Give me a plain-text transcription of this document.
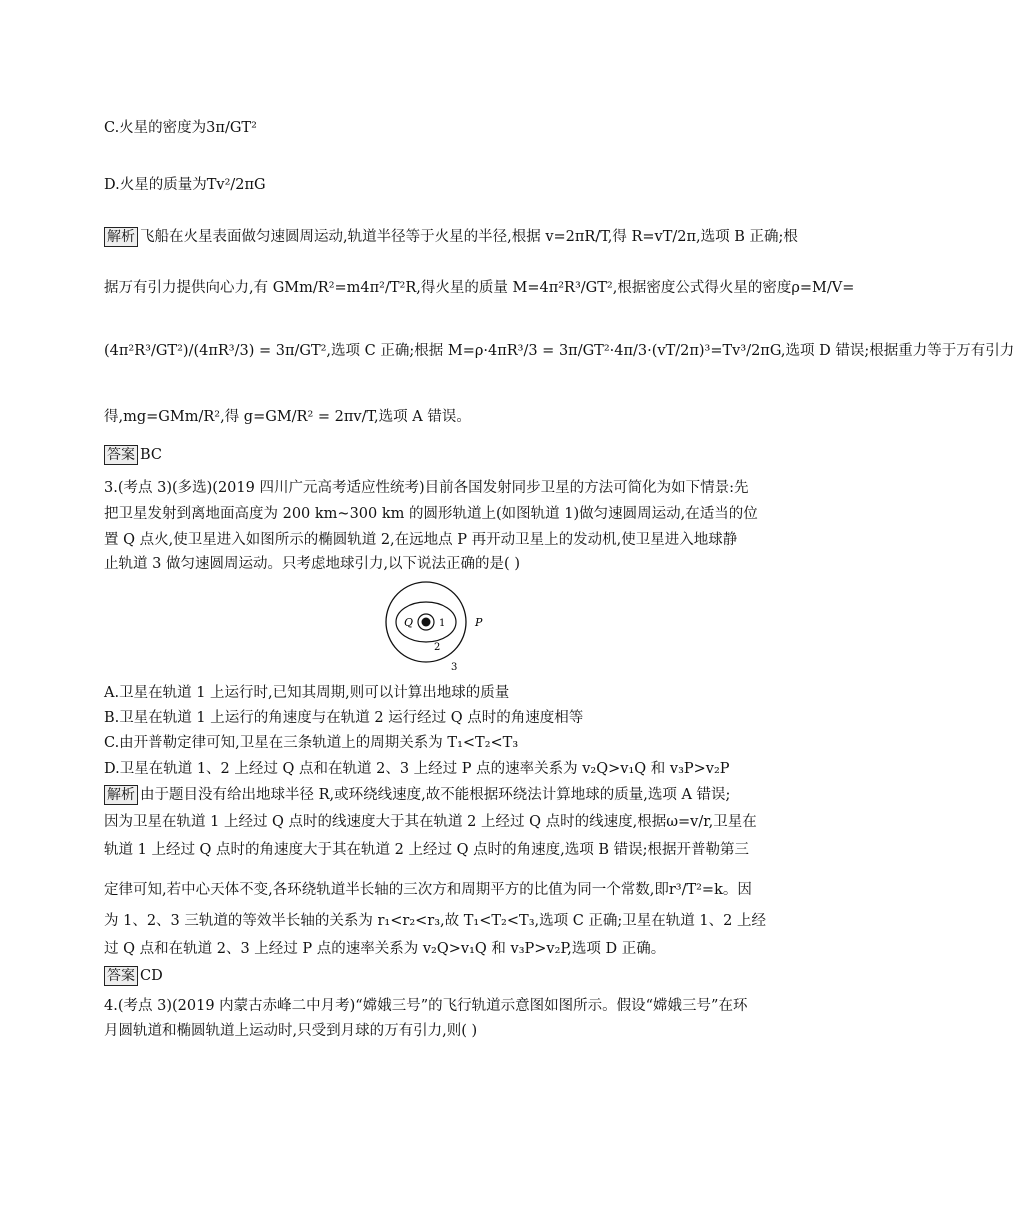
C.火星的密度为3π/GT²
D.火星的质量为Tv²/2πG
解析 飞船在火星表面做匀速圆周运动,轨道半径等于火星的半径,根据 v=2πR/T,得 R=vT/2π,选项 B 正确;根
据万有引力提供向心力,有 GMm/R²=m4π²/T²R,得火星的质量 M=4π²R³/GT²,根据密度公式得火星的密度ρ=M/V=
(4π²R³/GT²)/(4πR³/3) = 3π/GT²,选项 C 正确;根据 M=ρ·4πR³/3 = 3π/GT²·4π/3·(vT/2π)³=Tv³/2πG,选项 D 错误;根据重力等于万有引力
得,mg=GMm/R²,得 g=GM/R² = 2πv/T,选项 A 错误。
答案 BC
3.(考点 3)(多选)(2019 四川广元高考适应性统考)目前各国发射同步卫星的方法可简化为如下情景:先
把卫星发射到离地面高度为 200 km~300 km 的圆形轨道上(如图轨道 1)做匀速圆周运动,在适当的位
置 Q 点火,使卫星进入如图所示的椭圆轨道 2,在远地点 P 再开动卫星上的发动机,使卫星进入地球静
止轨道 3 做匀速圆周运动。只考虑地球引力,以下说法正确的是( )
Q	1	P
2
3
A.卫星在轨道 1 上运行时,已知其周期,则可以计算出地球的质量
B.卫星在轨道 1 上运行的角速度与在轨道 2 运行经过 Q 点时的角速度相等
C.由开普勒定律可知,卫星在三条轨道上的周期关系为 T₁<T₂<T₃
D.卫星在轨道 1、2 上经过 Q 点和在轨道 2、3 上经过 P 点的速率关系为 v₂Q>v₁Q 和 v₃P>v₂P
解析 由于题目没有给出地球半径 R,或环绕线速度,故不能根据环绕法计算地球的质量,选项 A 错误;
因为卫星在轨道 1 上经过 Q 点时的线速度大于其在轨道 2 上经过 Q 点时的线速度,根据ω=v/r,卫星在
轨道 1 上经过 Q 点时的角速度大于其在轨道 2 上经过 Q 点时的角速度,选项 B 错误;根据开普勒第三
定律可知,若中心天体不变,各环绕轨道半长轴的三次方和周期平方的比值为同一个常数,即r³/T²=k。因
为 1、2、3 三轨道的等效半长轴的关系为 r₁<r₂<r₃,故 T₁<T₂<T₃,选项 C 正确;卫星在轨道 1、2 上经
过 Q 点和在轨道 2、3 上经过 P 点的速率关系为 v₂Q>v₁Q 和 v₃P>v₂P,选项 D 正确。
答案 CD
4.(考点 3)(2019 内蒙古赤峰二中月考)“嫦娥三号”的飞行轨道示意图如图所示。假设“嫦娥三号”在环
月圆轨道和椭圆轨道上运动时,只受到月球的万有引力,则( )
